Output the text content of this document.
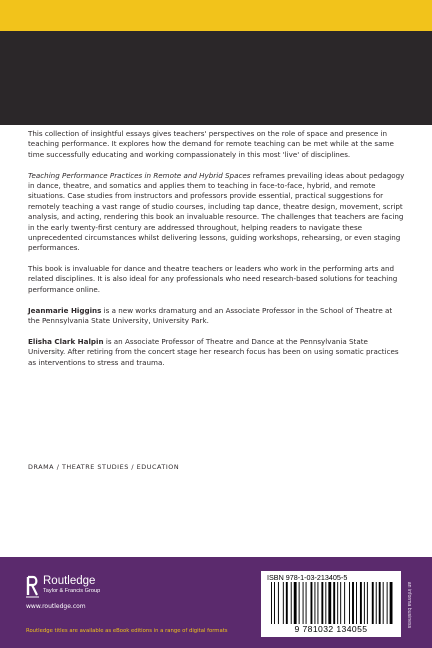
This collection of insightful essays gives teachers' perspectives on the role of space and presence in teaching performance. It explores how the demand for remote teaching can be met while at the same time successfully educating and working compassionately in this most 'live' of disciplines.

Teaching Performance Practices in Remote and Hybrid Spaces reframes prevailing ideas about pedagogy in dance, theatre, and somatics and applies them to teaching in face-to-face, hybrid, and remote situations. Case studies from instructors and professors provide essential, practical suggestions for remotely teaching a vast range of studio courses, including tap dance, theatre design, movement, script analysis, and acting, rendering this book an invaluable resource. The challenges that teachers are facing in the early twenty-first century are addressed throughout, helping readers to navigate these unprecedented circumstances whilst delivering lessons, guiding workshops, rehearsing, or even staging performances.

This book is invaluable for dance and theatre teachers or leaders who work in the performing arts and related disciplines. It is also ideal for any professionals who need research-based solutions for teaching performance online.

Jeanmarie Higgins is a new works dramaturg and an Associate Professor in the School of Theatre at the Pennsylvania State University, University Park.

Elisha Clark Halpin is an Associate Professor of Theatre and Dance at the Pennsylvania State University. After retiring from the concert stage her research focus has been on using somatic practices as interventions to stress and trauma.

DRAMA / THEATRE STUDIES / EDUCATION
Routledge
Taylor & Francis Group
www.routledge.com
Routledge titles are available as eBook editions in a range of digital formats
ISBN 978-1-03-213405-5
9 781032 134055
an informa business
